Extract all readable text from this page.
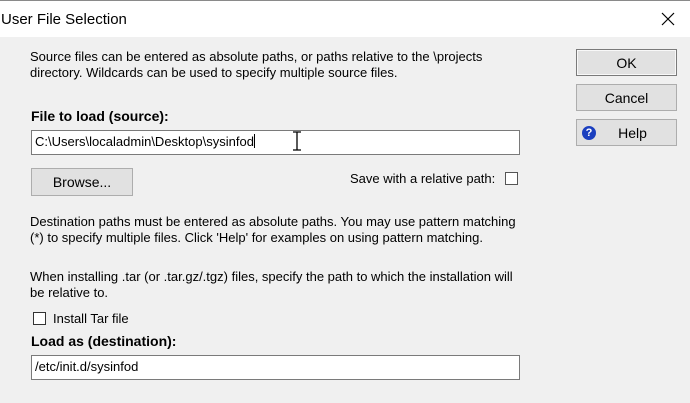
User File Selection
Source files can be entered as absolute paths, or paths relative to the \projects directory. Wildcards can be used to specify multiple source files.
File to load (source):
C:\Users\localadmin\Desktop\sysinfod
Browse...	Save with a relative path:
Destination paths must be entered as absolute paths. You may use pattern matching (*) to specify multiple files. Click 'Help' for examples on using pattern matching.
When installing .tar (or .tar.gz/.tgz) files, specify the path to which the installation will be relative to.
Install Tar file
Load as (destination):
/etc/init.d/sysinfod
OK
Cancel
? Help
